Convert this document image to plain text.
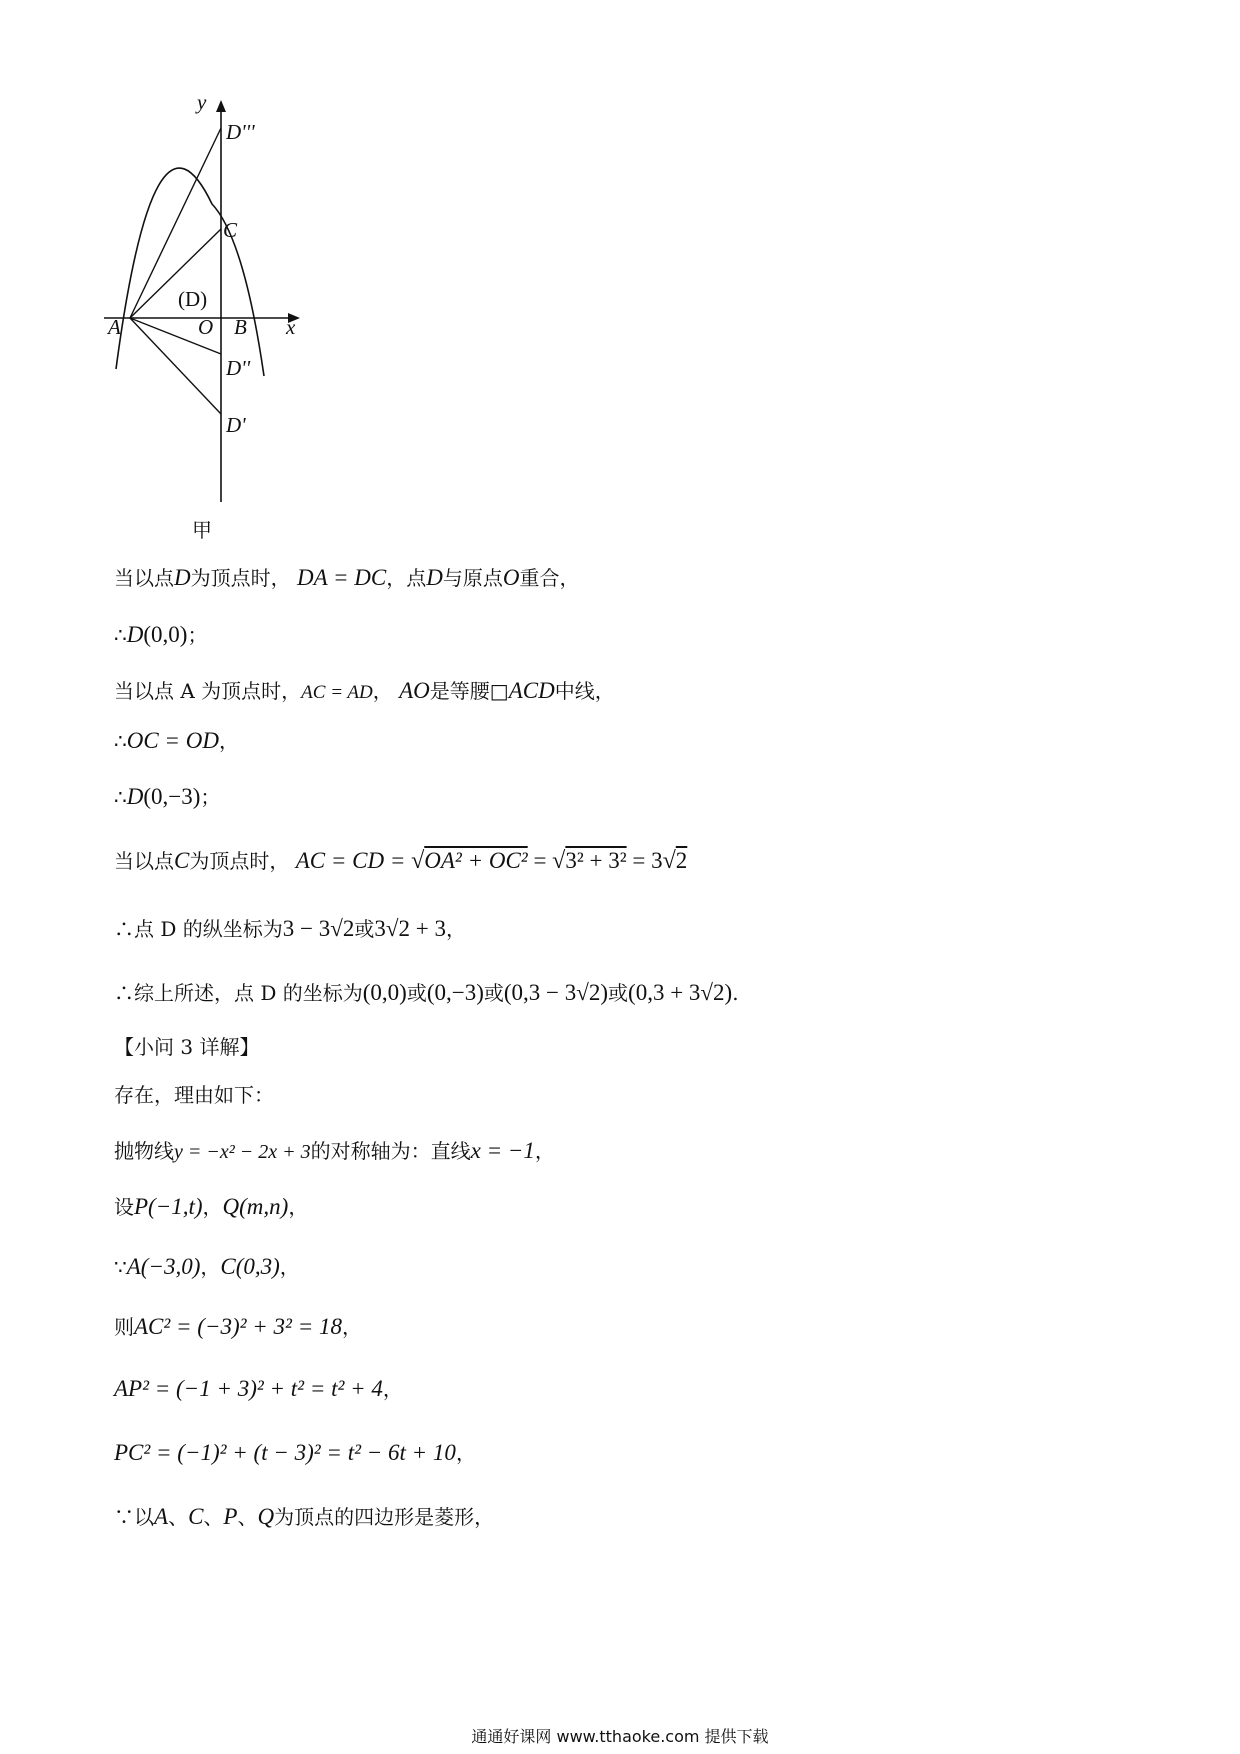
y
D'''
C
(D)
A	O B x
D''
D'
甲
当以点D为顶点时， DA = DC，点D与原点O重合，
∴D(0,0)；
当以点 A 为顶点时，AC = AD， AO是等腰□ACD中线，
∴OC = OD，
∴D(0,−3)；
当以点C为顶点时， AC = CD = √OA² + OC² = √3² + 3² = 3√2
∴点 D 的纵坐标为3 − 3√2或3√2 + 3，
∴综上所述，点 D 的坐标为(0,0)或(0,−3)或(0,3 − 3√2)或(0,3 + 3√2).
【小问 3 详解】
存在，理由如下：
抛物线y = −x² − 2x + 3的对称轴为：直线x = −1，
设P(−1,t)，Q(m,n)，
∵A(−3,0)，C(0,3)，
则AC² = (−3)² + 3² = 18，
AP² = (−1 + 3)² + t² = t² + 4，
PC² = (−1)² + (t − 3)² = t² − 6t + 10，
∵以A、C、P、Q为顶点的四边形是菱形，
通通好课网 www.tthaoke.com 提供下载
